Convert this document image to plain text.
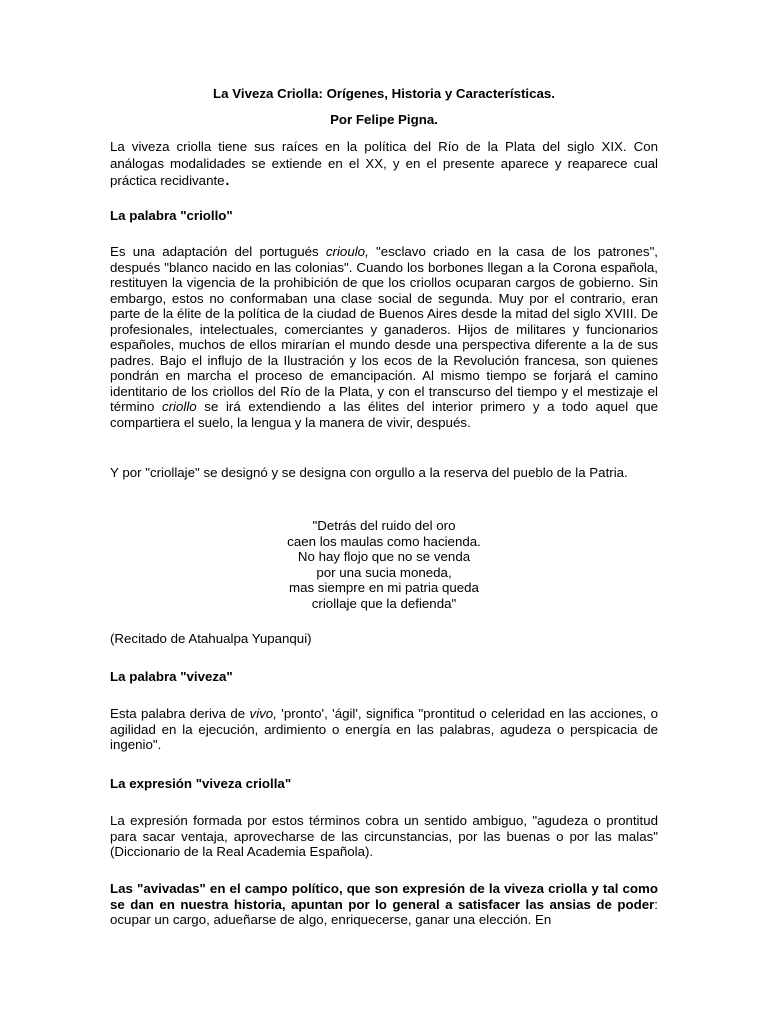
La Viveza Criolla: Orígenes, Historia y Características.

Por Felipe Pigna.

La viveza criolla tiene sus raíces en la política del Río de la Plata del siglo XIX. Con análogas modalidades se extiende en el XX, y en el presente aparece y reaparece cual práctica recidivante.

La palabra "criollo"

Es una adaptación del portugués crioulo, "esclavo criado en la casa de los patrones", después "blanco nacido en las colonias". Cuando los borbones llegan a la Corona española, restituyen la vigencia de la prohibición de que los criollos ocuparan cargos de gobierno. Sin embargo, estos no conformaban una clase social de segunda. Muy por el contrario, eran parte de la élite de la política de la ciudad de Buenos Aires desde la mitad del siglo XVIII. De profesionales, intelectuales, comerciantes y ganaderos. Hijos de militares y funcionarios españoles, muchos de ellos mirarían el mundo desde una perspectiva diferente a la de sus padres. Bajo el influjo de la Ilustración y los ecos de la Revolución francesa, son quienes pondrán en marcha el proceso de emancipación. Al mismo tiempo se forjará el camino identitario de los criollos del Río de la Plata, y con el transcurso del tiempo y el mestizaje el término criollo se irá extendiendo a las élites del interior primero y a todo aquel que compartiera el suelo, la lengua y la manera de vivir, después.

Y por "criollaje" se designó y se designa con orgullo a la reserva del pueblo de la Patria.

"Detrás del ruido del oro
caen los maulas como hacienda.
No hay flojo que no se venda
por una sucia moneda,
mas siempre en mi patria queda
criollaje que la defienda"

(Recitado de Atahualpa Yupanqui)

La palabra "viveza"

Esta palabra deriva de vivo, 'pronto', 'ágil', significa "prontitud o celeridad en las acciones, o agilidad en la ejecución, ardimiento o energía en las palabras, agudeza o perspicacia de ingenio".

La expresión "viveza criolla"

La expresión formada por estos términos cobra un sentido ambiguo, "agudeza o prontitud para sacar ventaja, aprovecharse de las circunstancias, por las buenas o por las malas" (Diccionario de la Real Academia Española).

Las "avivadas" en el campo político, que son expresión de la viveza criolla y tal como se dan en nuestra historia, apuntan por lo general a satisfacer las ansias de poder: ocupar un cargo, adueñarse de algo, enriquecerse, ganar una elección. En
